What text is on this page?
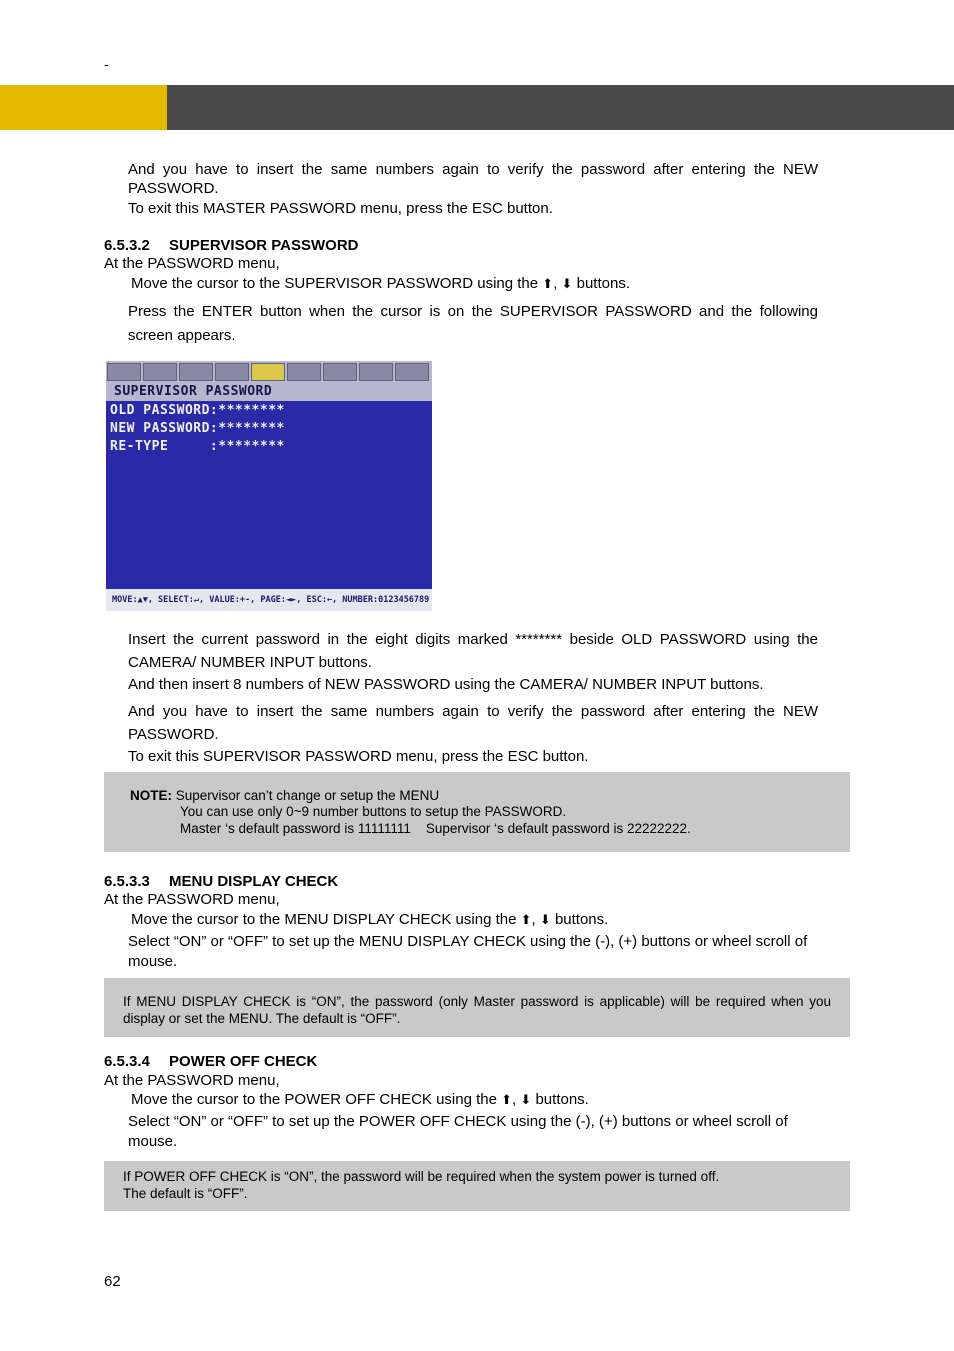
-
And you have to insert the same numbers again to verify the password after entering the NEW PASSWORD.
To exit this MASTER PASSWORD menu, press the ESC button.
6.5.3.2 SUPERVISOR PASSWORD
At the PASSWORD menu,
Move the cursor to the SUPERVISOR PASSWORD using the ⬆, ⬇ buttons.
Press the ENTER button when the cursor is on the SUPERVISOR PASSWORD and the following screen appears.
SUPERVISOR PASSWORD
OLD PASSWORD:********
NEW PASSWORD:********
RE-TYPE     :********
MOVE:▲▼, SELECT:↵, VALUE:+-, PAGE:◄►, ESC:←, NUMBER:0123456789
Insert the current password in the eight digits marked ******** beside OLD PASSWORD using the CAMERA/ NUMBER INPUT buttons.
And then insert 8 numbers of NEW PASSWORD using the CAMERA/ NUMBER INPUT buttons.
And you have to insert the same numbers again to verify the password after entering the NEW PASSWORD.
To exit this SUPERVISOR PASSWORD menu, press the ESC button.
NOTE: Supervisor can’t change or setup the MENU
You can use only 0~9 number buttons to setup the PASSWORD.
Master ‘s default password is 11111111    Supervisor ‘s default password is 22222222.
6.5.3.3 MENU DISPLAY CHECK
At the PASSWORD menu,
Move the cursor to the MENU DISPLAY CHECK using the ⬆, ⬇ buttons.
Select “ON” or “OFF” to set up the MENU DISPLAY CHECK using the (-), (+) buttons or wheel scroll of mouse.
If MENU DISPLAY CHECK is “ON”, the password (only Master password is applicable) will be required when you display or set the MENU. The default is “OFF”.
6.5.3.4 POWER OFF CHECK
At the PASSWORD menu,
Move the cursor to the POWER OFF CHECK using the ⬆, ⬇ buttons.
Select “ON” or “OFF” to set up the POWER OFF CHECK using the (-), (+) buttons or wheel scroll of mouse.
If POWER OFF CHECK is “ON”, the password will be required when the system power is turned off.
The default is “OFF”.
62
